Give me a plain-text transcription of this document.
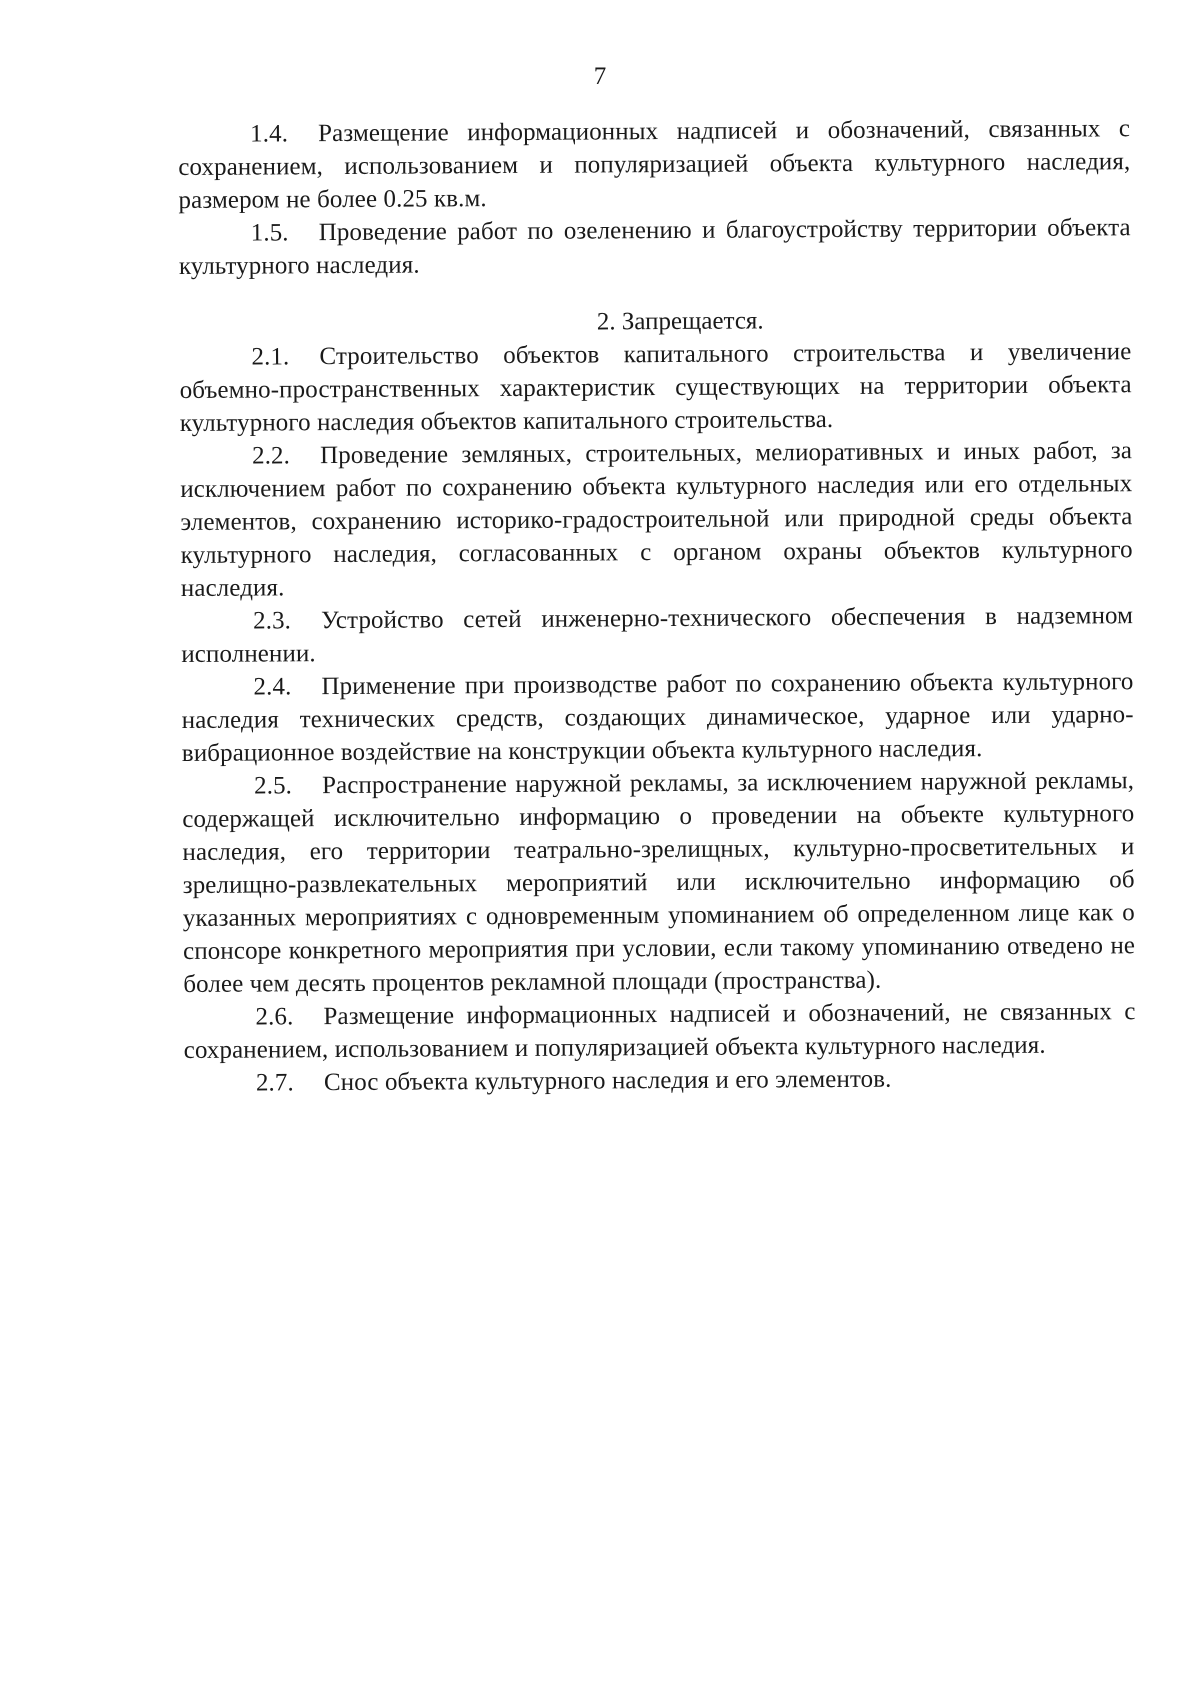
7

1.4. Размещение информационных надписей и обозначений, связанных с сохранением, использованием и популяризацией объекта культурного наследия, размером не более 0.25 кв.м.

1.5. Проведение работ по озеленению и благоустройству территории объекта культурного наследия.

2. Запрещается.

2.1. Строительство объектов капитального строительства и увеличение объемно-пространственных характеристик существующих на территории объекта культурного наследия объектов капитального строительства.

2.2. Проведение земляных, строительных, мелиоративных и иных работ, за исключением работ по сохранению объекта культурного наследия или его отдельных элементов, сохранению историко-градостроительной или природной среды объекта культурного наследия, согласованных с органом охраны объектов культурного наследия.

2.3. Устройство сетей инженерно-технического обеспечения в надземном исполнении.

2.4. Применение при производстве работ по сохранению объекта культурного наследия технических средств, создающих динамическое, ударное или ударно-вибрационное воздействие на конструкции объекта культурного наследия.

2.5. Распространение наружной рекламы, за исключением наружной рекламы, содержащей исключительно информацию о проведении на объекте культурного наследия, его территории театрально-зрелищных, культурно-просветительных и зрелищно-развлекательных мероприятий или исключительно информацию об указанных мероприятиях с одновременным упоминанием об определенном лице как о спонсоре конкретного мероприятия при условии, если такому упоминанию отведено не более чем десять процентов рекламной площади (пространства).

2.6. Размещение информационных надписей и обозначений, не связанных с сохранением, использованием и популяризацией объекта культурного наследия.

2.7. Снос объекта культурного наследия и его элементов.
